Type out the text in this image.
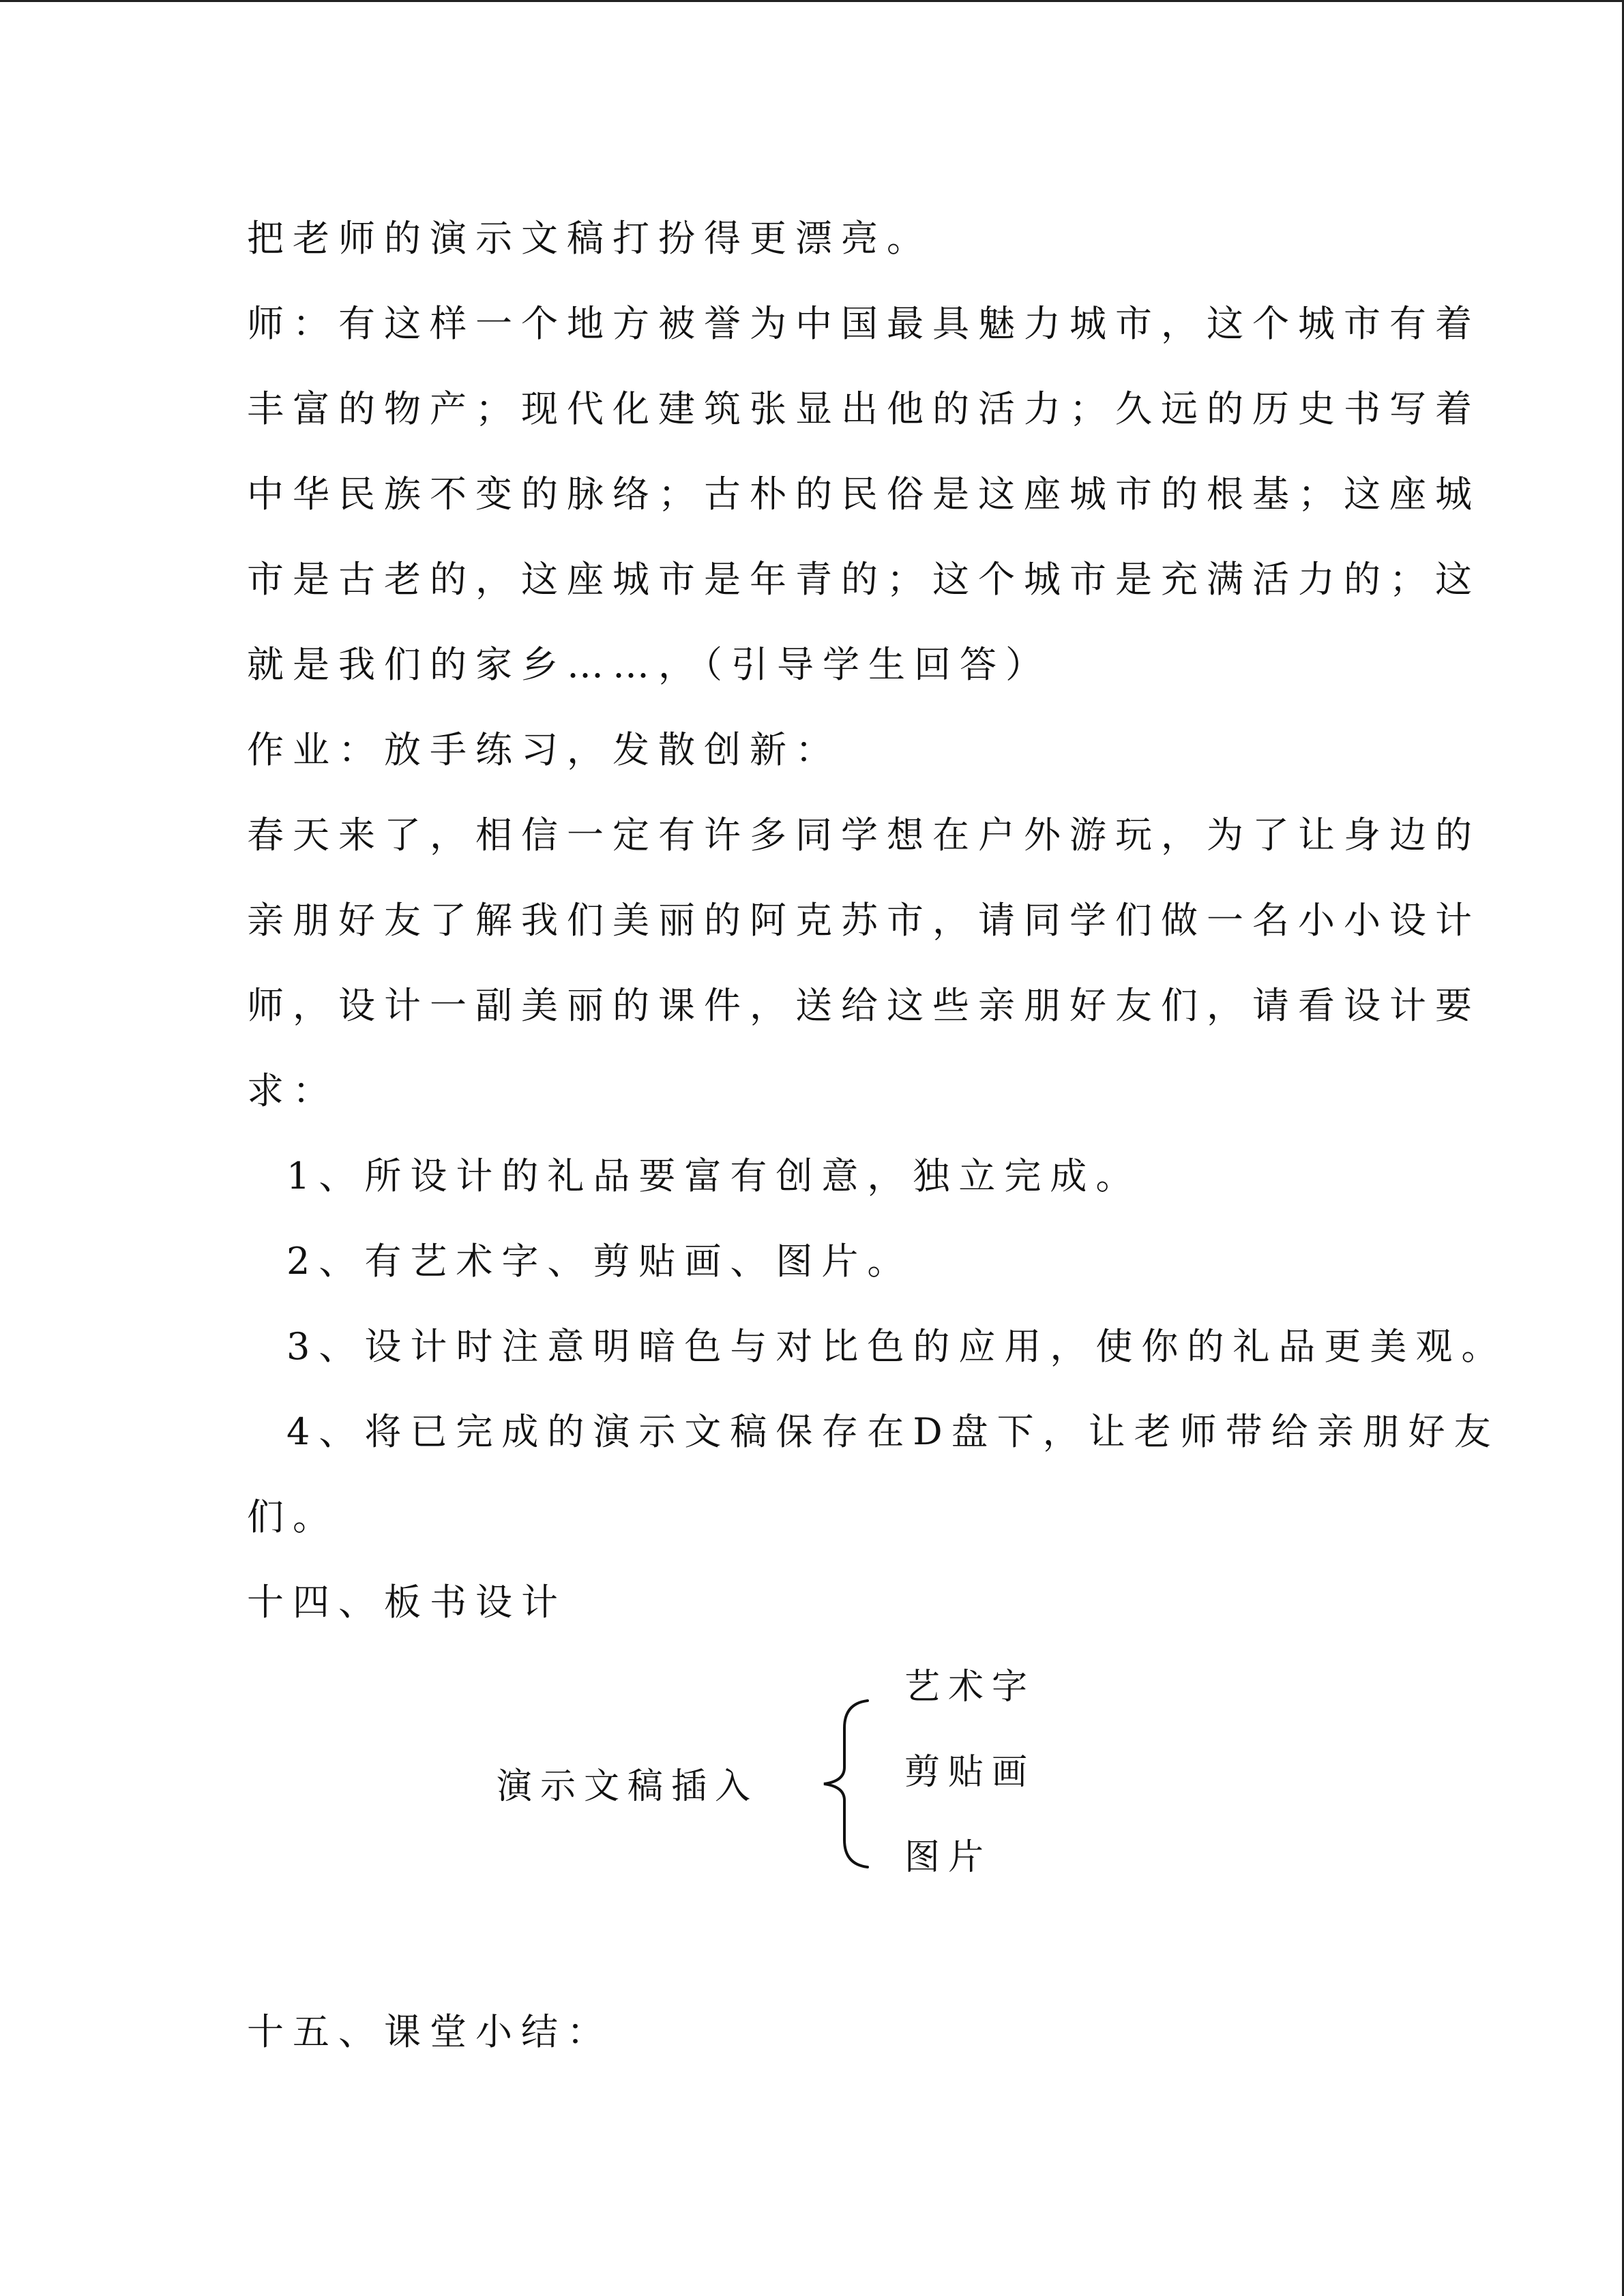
把老师的演示文稿打扮得更漂亮。
师：有这样一个地方被誉为中国最具魅力城市，这个城市有着
丰富的物产；现代化建筑张显出他的活力；久远的历史书写着
中华民族不变的脉络；古朴的民俗是这座城市的根基；这座城
市是古老的，这座城市是年青的；这个城市是充满活力的；这
就是我们的家乡……，（引导学生回答）
作业：放手练习，发散创新：
春天来了，相信一定有许多同学想在户外游玩，为了让身边的
亲朋好友了解我们美丽的阿克苏市，请同学们做一名小小设计
师，设计一副美丽的课件，送给这些亲朋好友们，请看设计要
求：
1、所设计的礼品要富有创意，独立完成。
2、有艺术字、剪贴画、图片。
3、设计时注意明暗色与对比色的应用，使你的礼品更美观。
4、将已完成的演示文稿保存在D盘下，让老师带给亲朋好友
们。
十四、板书设计
演示文稿插入
艺术字
剪贴画
图片
十五、课堂小结：
